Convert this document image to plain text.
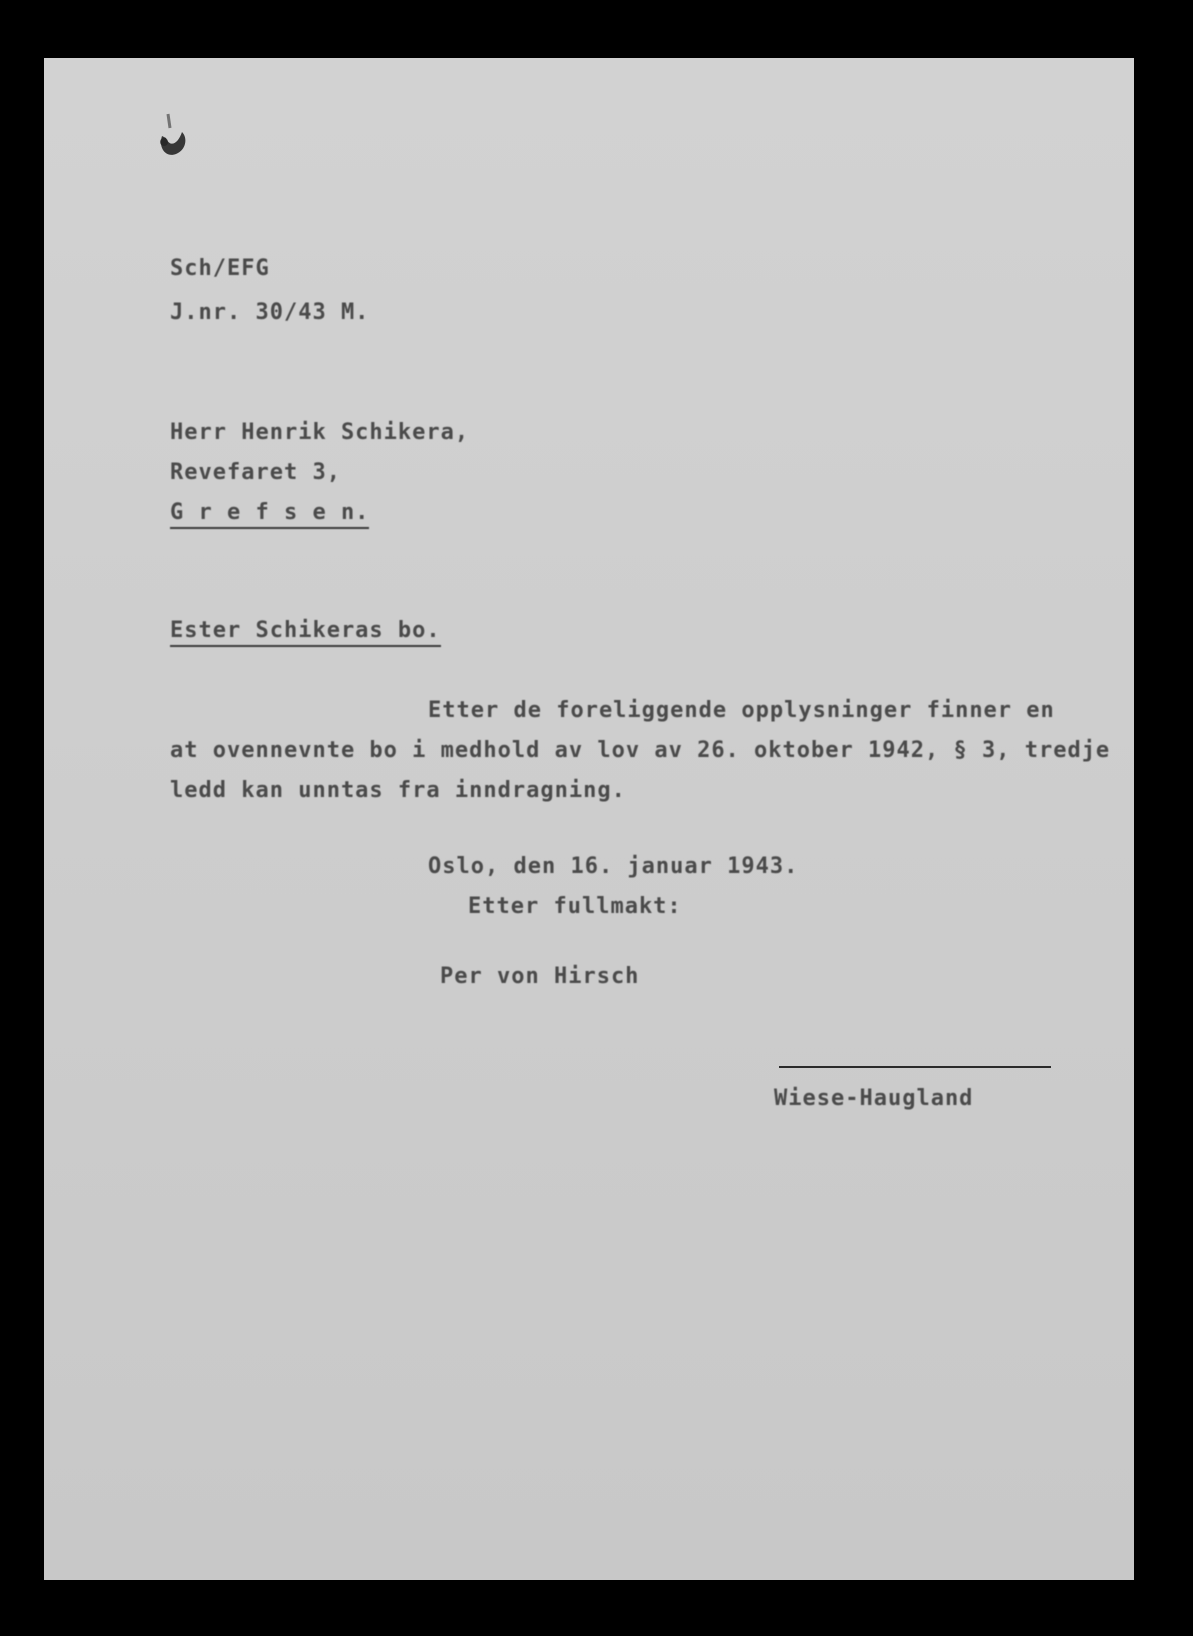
Sch/EFG
J.nr. 30/43 M.
Herr Henrik Schikera,
Revefaret 3,
G r e f s e n.
Ester Schikeras bo.
Etter de foreliggende opplysninger finner en
at ovennevnte bo i medhold av lov av 26. oktober 1942, § 3, tredje
ledd kan unntas fra inndragning.
Oslo, den 16. januar 1943.
Etter fullmakt:
Per von Hirsch
Wiese-Haugland
